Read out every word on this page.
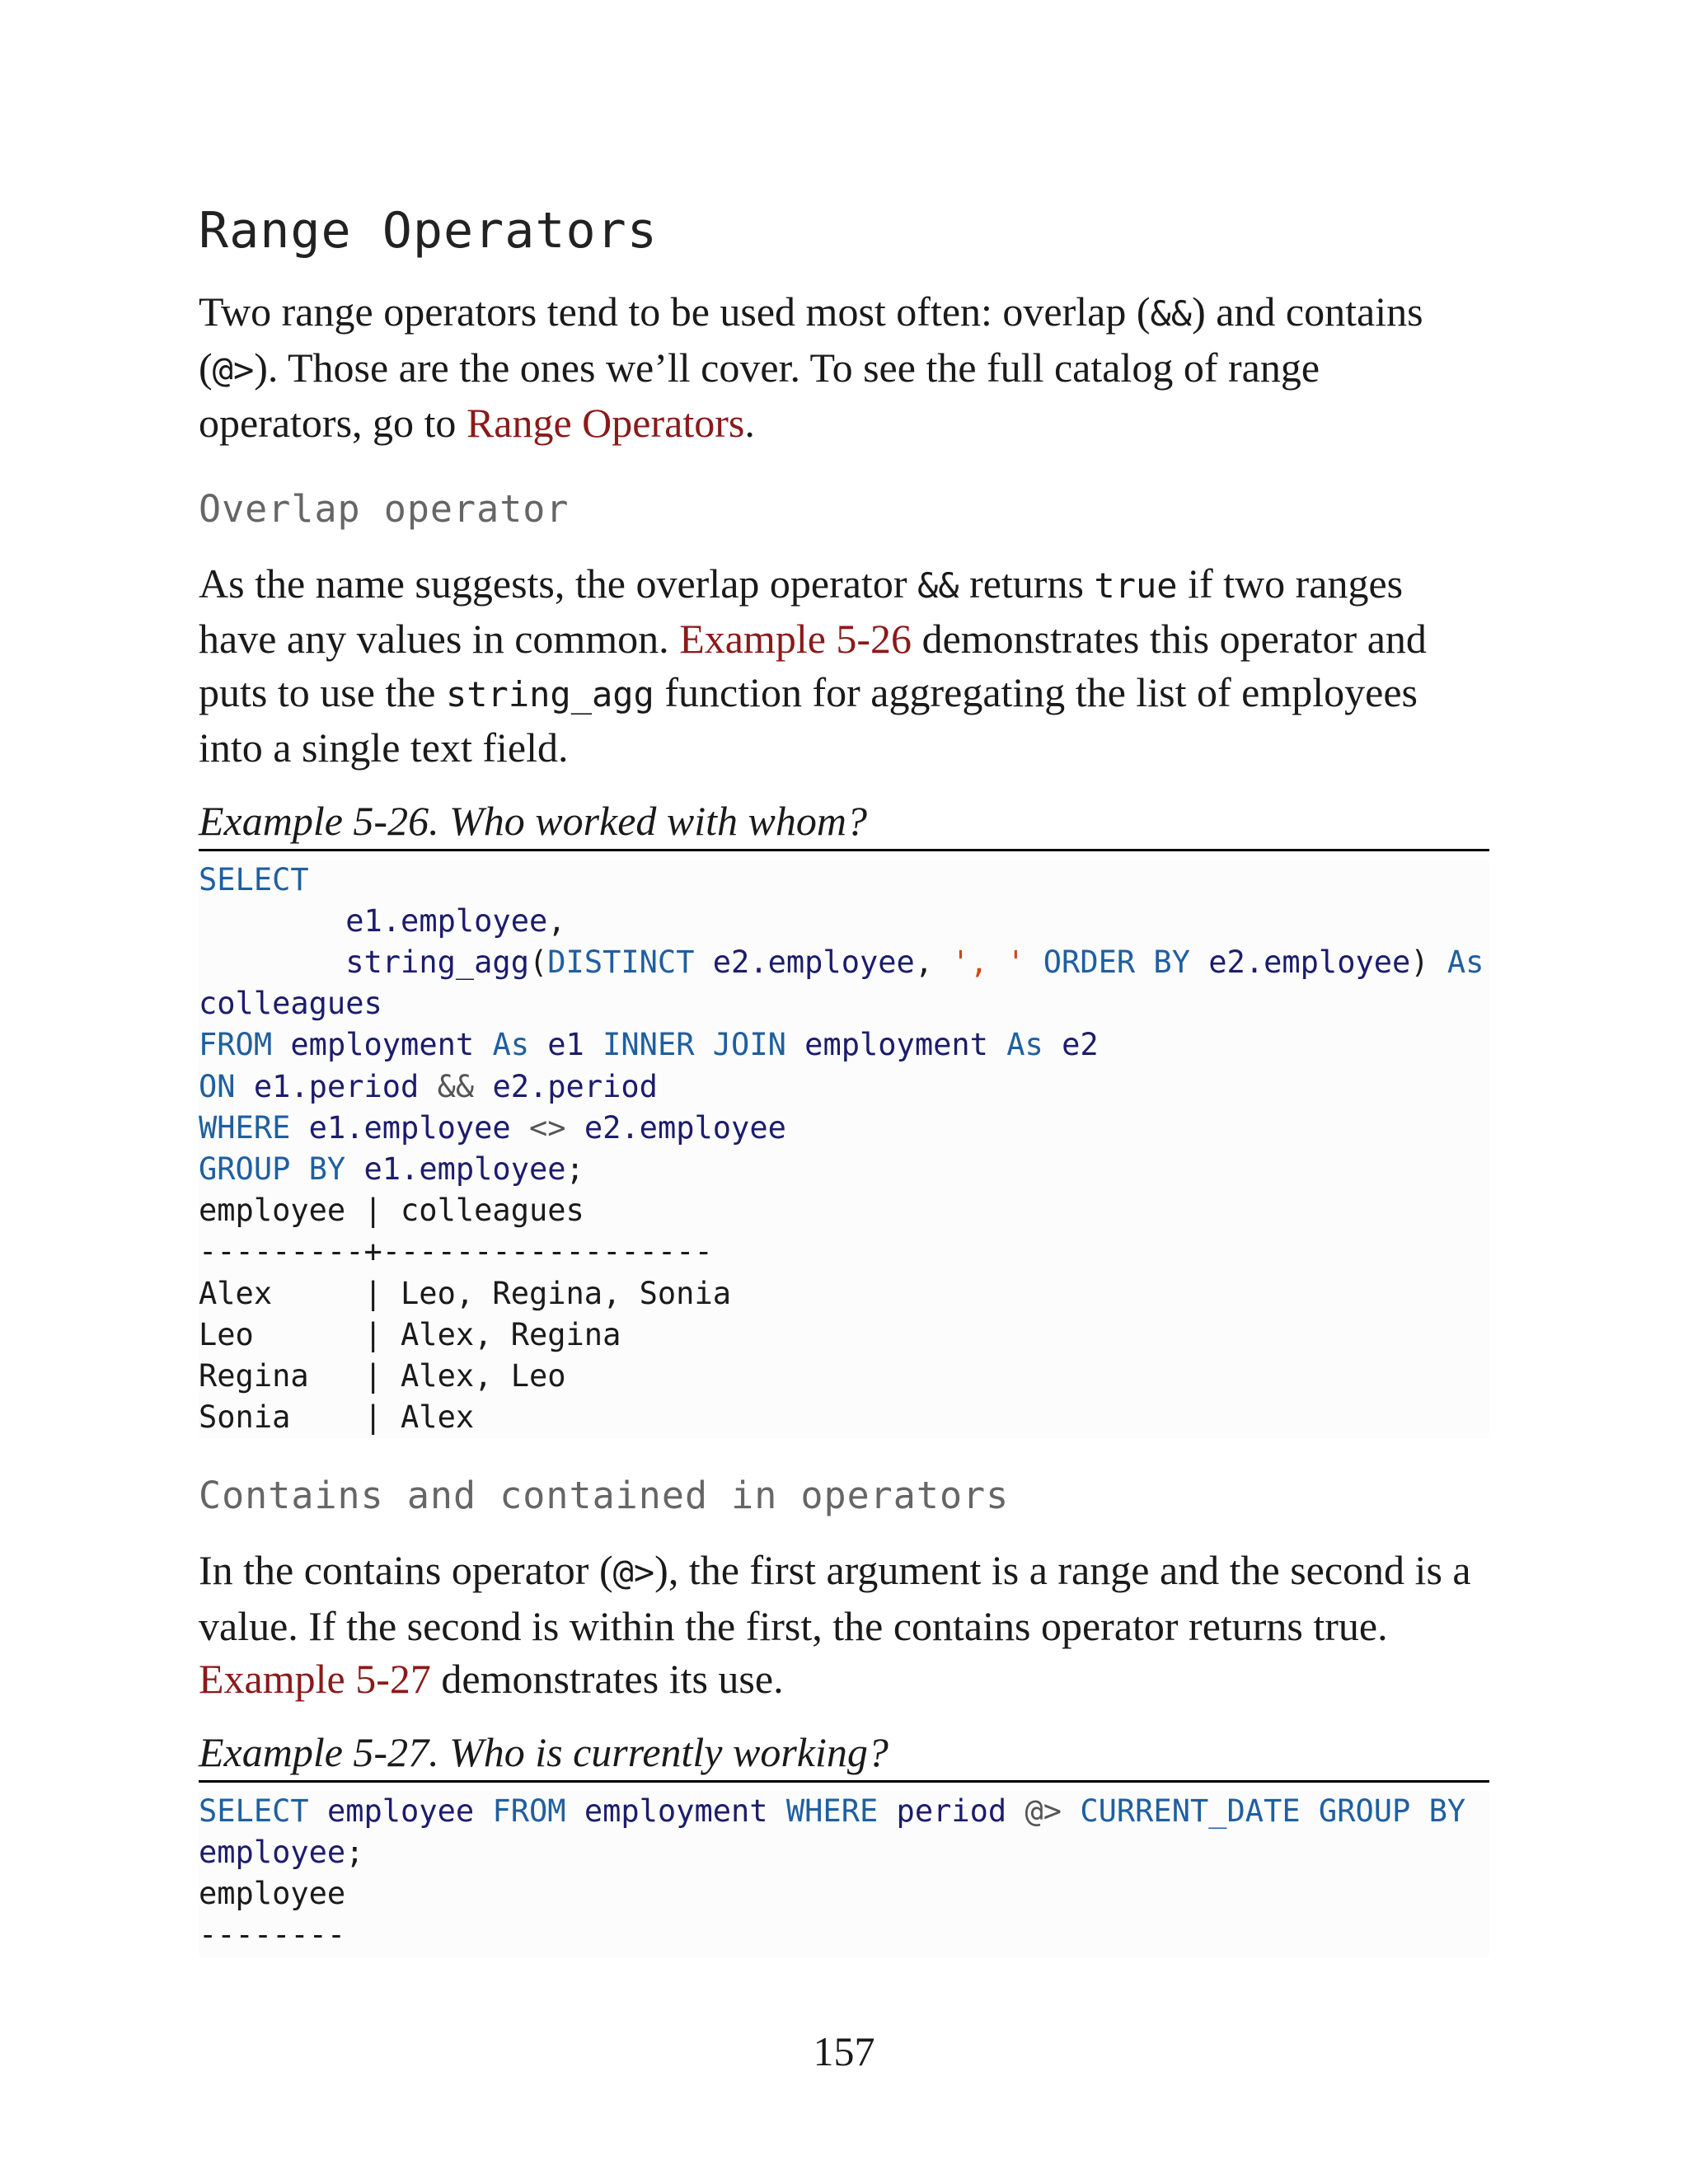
Range Operators

Two range operators tend to be used most often: overlap (&&) and contains
(@>). Those are the ones we’ll cover. To see the full catalog of range
operators, go to Range Operators.

Overlap operator

As the name suggests, the overlap operator && returns true if two ranges
have any values in common. Example 5-26 demonstrates this operator and
puts to use the string_agg function for aggregating the list of employees
into a single text field.

Example 5-26. Who worked with whom?
SELECT
e1.employee,
string_agg(DISTINCT e2.employee, ', ' ORDER BY e2.employee) As
colleagues
FROM employment As e1 INNER JOIN employment As e2
ON e1.period && e2.period
WHERE e1.employee <> e2.employee
GROUP BY e1.employee;
employee | colleagues
---------+------------------
Alex     | Leo, Regina, Sonia
Leo      | Alex, Regina
Regina   | Alex, Leo
Sonia    | Alex
Contains and contained in operators

In the contains operator (@>), the first argument is a range and the second is a
value. If the second is within the first, the contains operator returns true.
Example 5-27 demonstrates its use.

Example 5-27. Who is currently working?
SELECT employee FROM employment WHERE period @> CURRENT_DATE GROUP BY
employee;
employee
--------
157
